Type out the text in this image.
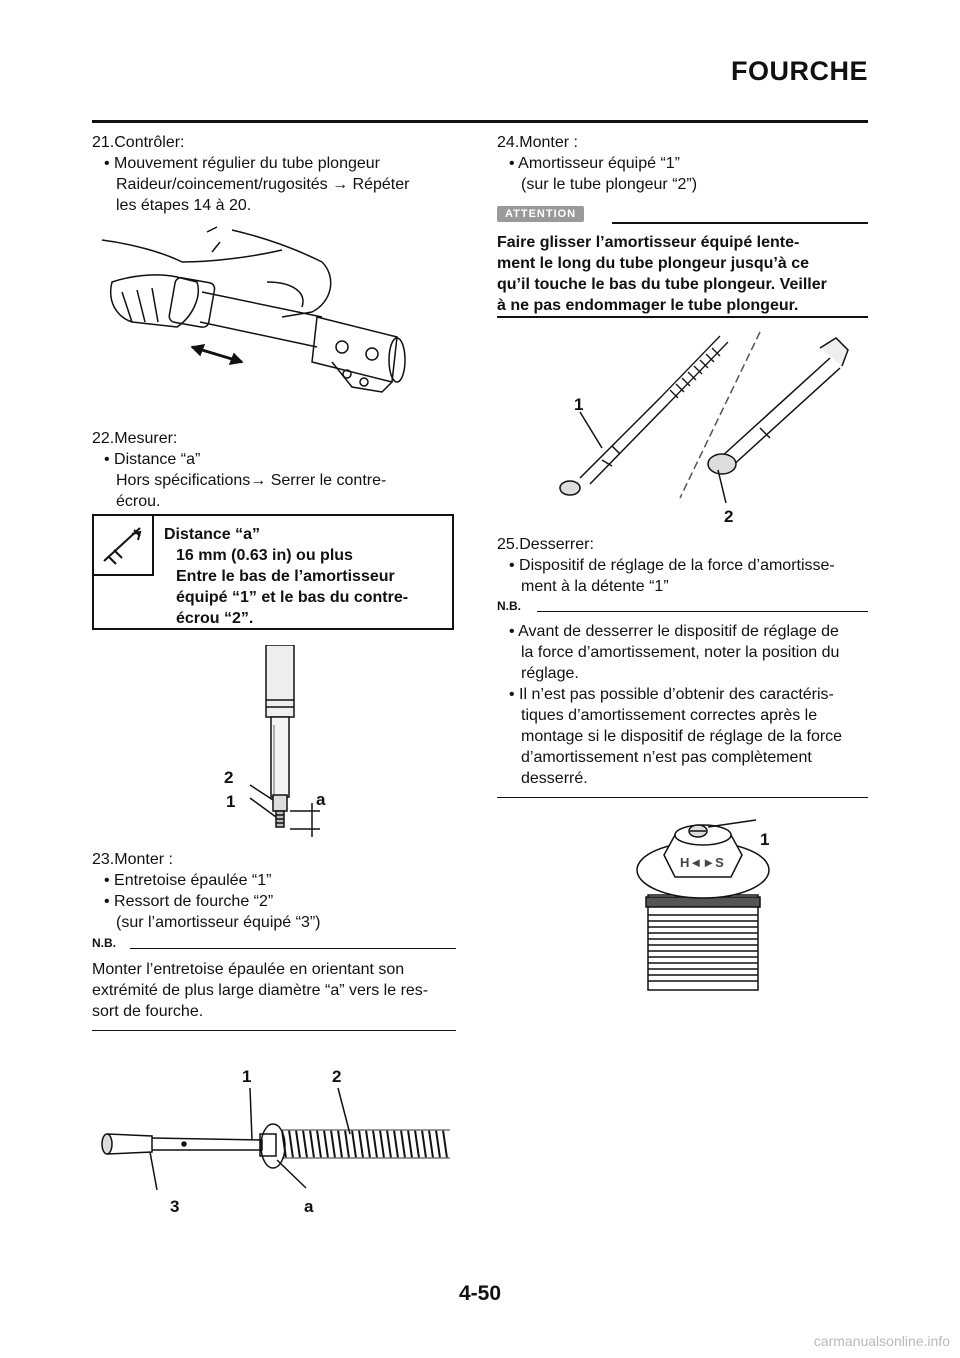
FOURCHE
21.Contrôler:
• Mouvement régulier du tube plongeur
Raideur/coincement/rugosités → Répéter
les étapes 14 à 20.
22.Mesurer:
• Distance “a”
Hors spécifications→ Serrer le contre-
écrou.
Distance “a”
16 mm (0.63 in) ou plus
Entre le bas de l’amortisseur
équipé “1” et le bas du contre-
écrou “2”.
2
1	a
23.Monter :
• Entretoise épaulée “1”
• Ressort de fourche “2”
(sur l’amortisseur équipé “3”)
N.B.
Monter l’entretoise épaulée en orientant son
extrémité de plus large diamètre “a” vers le res-
sort de fourche.
1	2
3	a
24.Monter :
• Amortisseur équipé “1”
(sur le tube plongeur “2”)
ATTENTION
Faire glisser l’amortisseur équipé lente-
ment le long du tube plongeur jusqu’à ce
qu’il touche le bas du tube plongeur. Veiller
à ne pas endommager le tube plongeur.
1
2
25.Desserrer:
• Dispositif de réglage de la force d’amortisse-
ment à la détente “1”
N.B.
• Avant de desserrer le dispositif de réglage de
la force d’amortissement, noter la position du
réglage.
• Il n’est pas possible d’obtenir des caractéris-
tiques d’amortissement correctes après le
montage si le dispositif de réglage de la force
d’amortissement n’est pas complètement
desserré.
H◄►S
1
4-50
carmanualsonline.info
